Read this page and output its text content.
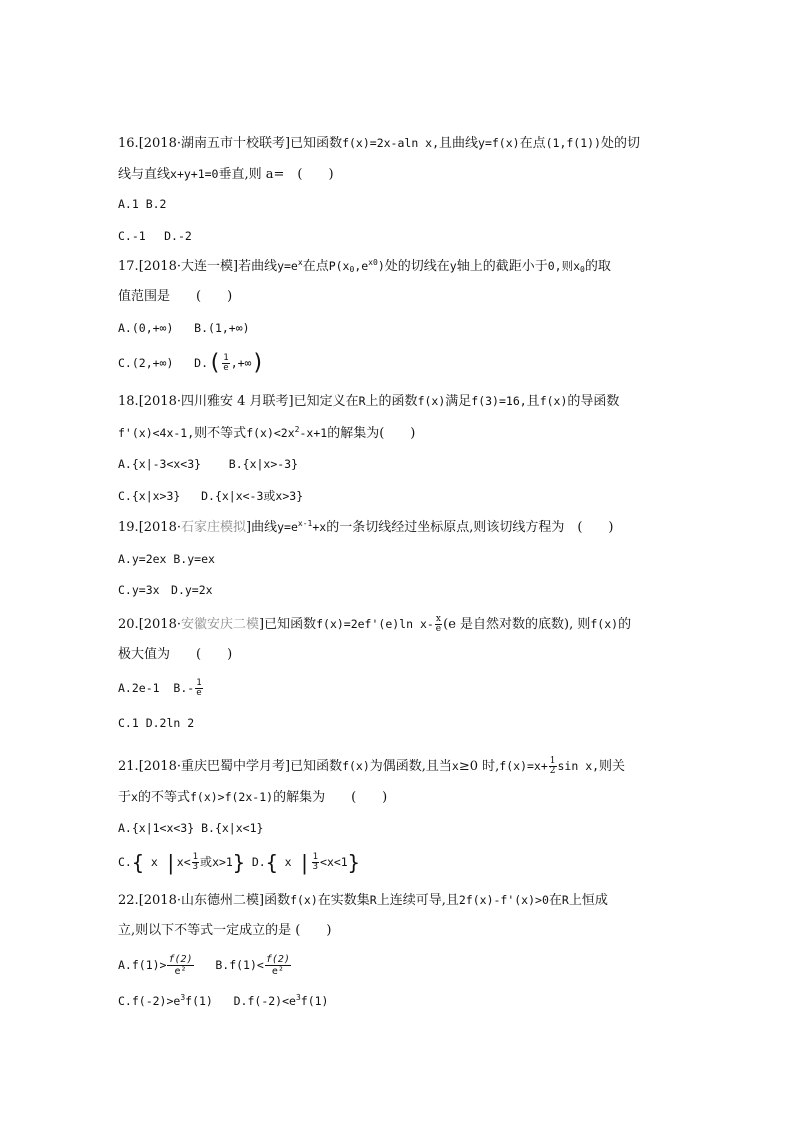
16.[2018·湖南五市十校联考]已知函数f(x)=2x-aln x,且曲线y=f(x)在点(1,f(1))处的切
线与直线x+y+1=0垂直,则 a=　(　　)
A.1 B.2
C.-1　 D.-2
17.[2018·大连一模]若曲线$y=e^x$在点$P(x_0,e^{x0})$处的切线在y轴上的截距小于0,则$x_0$的取
值范围是　　(　　)
A.(0,+∞) B.(1,+∞)
C.(2,+∞) $D.( \frac{1}{e}$ ,+∞)
18.[2018·四川雅安 4 月联考]已知定义在R上的函数f(x)满足f(3)=16,且f(x)的导函数
f'(x)<4x-1,则不等式$f(x)<2x^2-x+1$的解集为(　　)
A.{x|-3<x<3} B.{x|x>-3}
C.{x|x>3} D.{x|x<-3或x>3}
19.[2018·石家庄模拟]曲线$y=e^{x-1}+x$的一条切线经过坐标原点,则该切线方程为　(　　)
A.y=2ex B.y=ex
C.y=3x　D.y=2x
20.[2018·安徽安庆二模]已知函数f(x)=2ef'(e)ln $x- \frac{x}{e} (e$ 是自然对数的底数), 则f(x)的
极大值为　　(　　)
A.2e-1 $B.- \frac{1}{e}$
C.1 D.2ln 2
21.[2018·重庆巴蜀中学月考]已知函数f(x)为偶函数,且当x≥0 时$,f(x)=x+ \frac{1}{2}$ sin x,则关
于x的不等式f(x)>f(2x-1)的解集为　　(　　)
A.{x|1<x<3} B.{x|x<1}
C.{ x $|x< \frac{1}{3}$ 或x>1} D.{ x | $\frac{1}{3} <x<1$}
22.[2018·山东德州二模]函数f(x)在实数集R上连续可导,且2f(x)-f'(x)>0在R上恒成
立,则以下不等式一定成立的是 (　　)
$A.f(1)> \frac{f(2)}{\text{e²}} B.f(1)< \frac{f(2)}{\text{e²}}$
$C.f(-2)>e^3f(1)$ $D.f(-2)<e^3f(1)$
